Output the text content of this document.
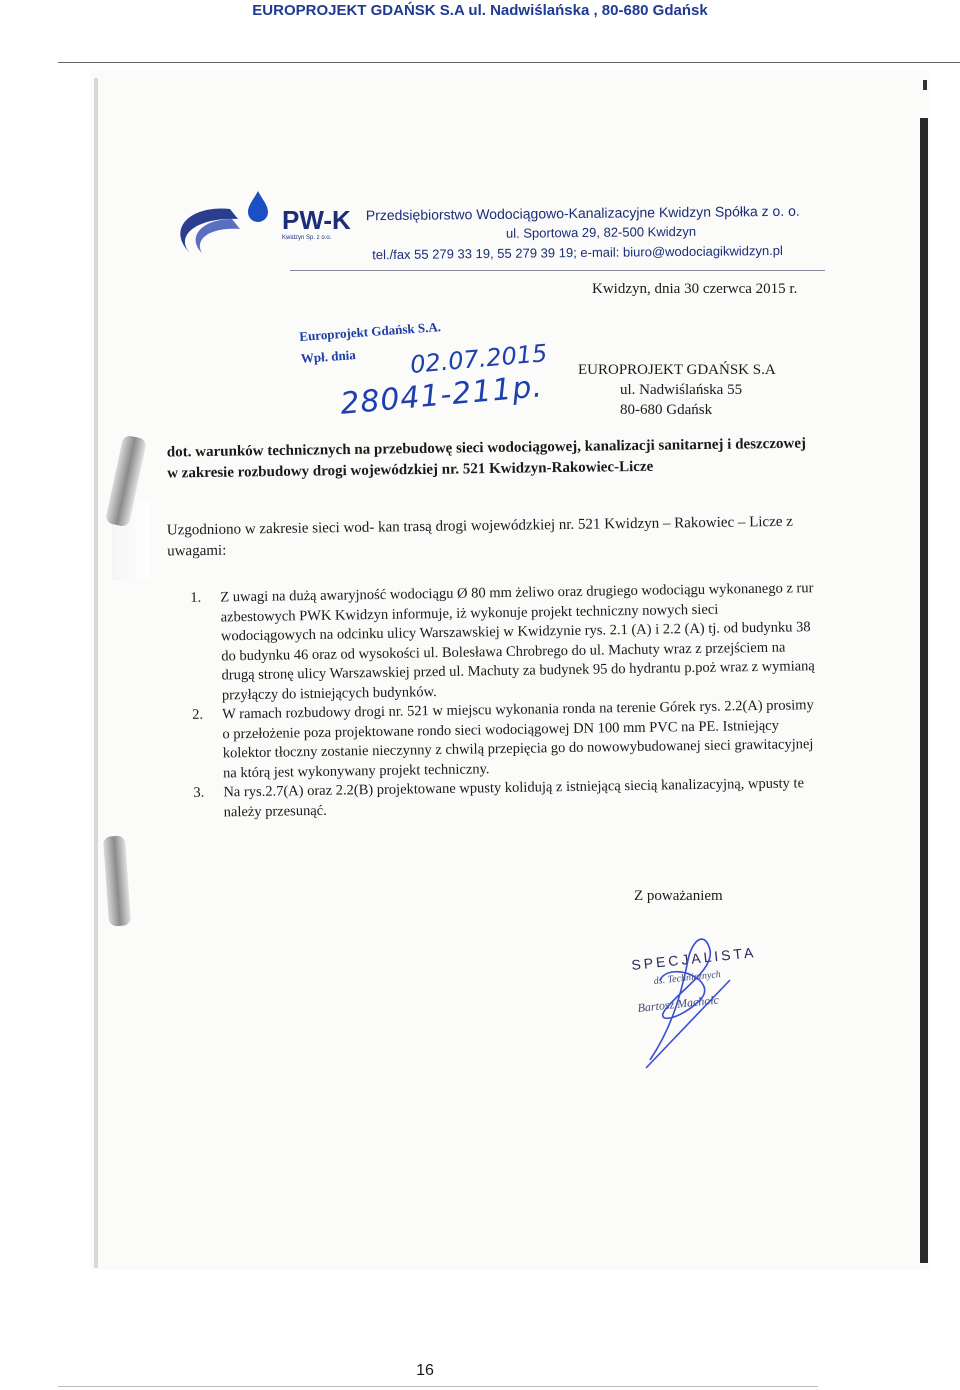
EUROPROJEKT GDAŃSK S.A ul. Nadwiślańska , 80-680 Gdańsk
PW-K
Kwidzyn Sp. z o.o.
Przedsiębiorstwo Wodociągowo-Kanalizacyjne Kwidzyn Spółka z o. o.
ul. Sportowa 29, 82-500 Kwidzyn
tel./fax 55 279 33 19, 55 279 39 19; e-mail: biuro@wodociagikwidzyn.pl
Kwidzyn, dnia 30 czerwca 2015 r.
Europrojekt Gdańsk S.A.
Wpł. dnia	02.07.2015
28041-211p. EUROPROJEKT GDAŃSK S.A
ul. Nadwiślańska 55
80-680 Gdańsk
dot. warunków technicznych na przebudowę sieci wodociągowej, kanalizacji sanitarnej i deszczowej w zakresie rozbudowy drogi wojewódzkiej nr. 521 Kwidzyn-Rakowiec-Licze
Uzgodniono w zakresie sieci wod- kan trasą drogi wojewódzkiej nr. 521 Kwidzyn – Rakowiec – Licze z uwagami:
1. Z uwagi na dużą awaryjność wodociągu Ø 80 mm żeliwo oraz drugiego wodociągu wykonanego z rur azbestowych PWK Kwidzyn informuje, iż wykonuje projekt techniczny nowych sieci wodociągowych na odcinku ulicy Warszawskiej w Kwidzynie rys. 2.1 (A) i 2.2 (A) tj. od budynku 38 do budynku 46 oraz od wysokości ul. Bolesława Chrobrego do ul. Machuty wraz z przejściem na drugą stronę ulicy Warszawskiej przed ul. Machuty za budynek 95 do hydrantu p.poż wraz z wymianą przyłączy do istniejących budynków.
2. W ramach rozbudowy drogi nr. 521 w miejscu wykonania ronda na terenie Górek rys. 2.2(A) prosimy o przełożenie poza projektowane rondo sieci wodociągowej DN 100 mm PVC na PE. Istniejący kolektor tłoczny zostanie nieczynny z chwilą przepięcia go do nowowybudowanej sieci grawitacyjnej na którą jest wykonywany projekt techniczny.
3. Na rys.2.7(A) oraz 2.2(B) projektowane wpusty kolidują z istniejącą siecią kanalizacyjną, wpusty te należy przesunąć.
Z poważaniem
SPECJALISTA
ds. Technicznych
Bartosz Machołc
16
